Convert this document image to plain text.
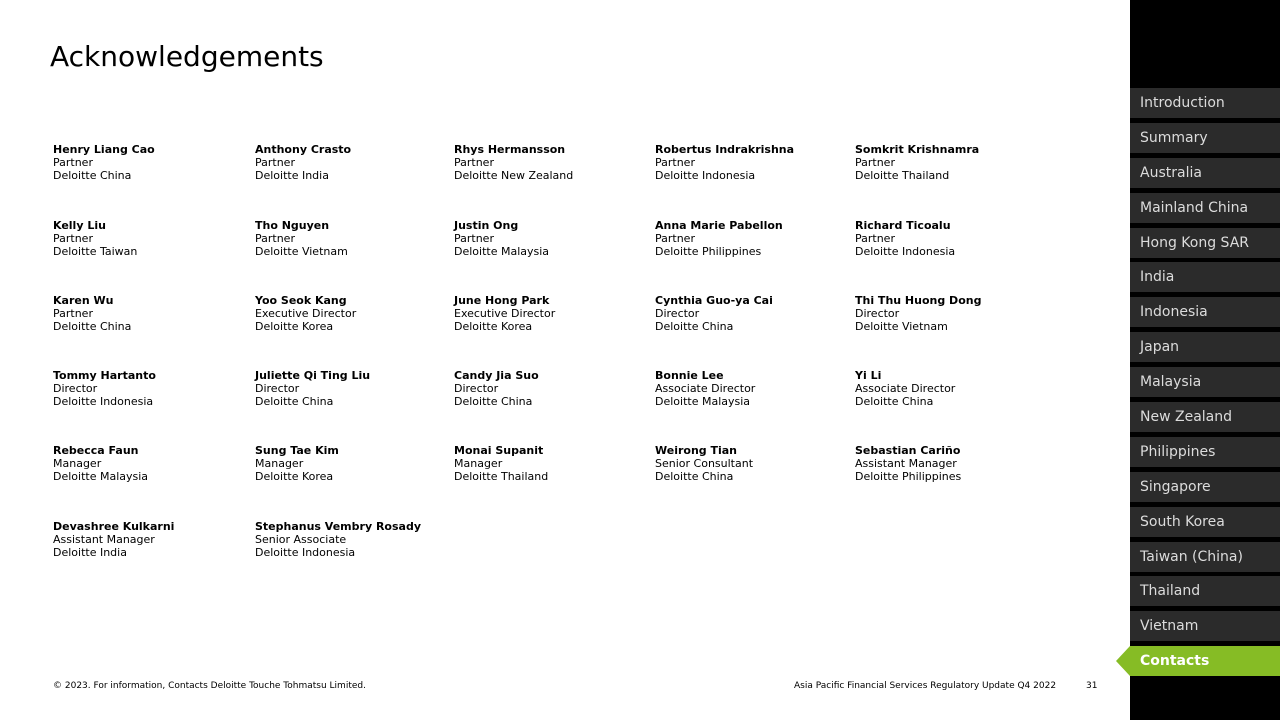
Acknowledgements
Henry Liang Cao
Partner
Deloitte China
Anthony Crasto
Partner
Deloitte India
Rhys Hermansson
Partner
Deloitte New Zealand
Robertus Indrakrishna
Partner
Deloitte Indonesia
Somkrit Krishnamra
Partner
Deloitte Thailand
Kelly Liu
Partner
Deloitte Taiwan
Tho Nguyen
Partner
Deloitte Vietnam
Justin Ong
Partner
Deloitte Malaysia
Anna Marie Pabellon
Partner
Deloitte Philippines
Richard Ticoalu
Partner
Deloitte Indonesia
Karen Wu
Partner
Deloitte China
Yoo Seok Kang
Executive Director
Deloitte Korea
June Hong Park
Executive Director
Deloitte Korea
Cynthia Guo-ya Cai
Director
Deloitte China
Thi Thu Huong Dong
Director
Deloitte Vietnam
Tommy Hartanto
Director
Deloitte Indonesia
Juliette Qi Ting Liu
Director
Deloitte China
Candy Jia Suo
Director
Deloitte China
Bonnie Lee
Associate Director
Deloitte Malaysia
Yi Li
Associate Director
Deloitte China
Rebecca Faun
Manager
Deloitte Malaysia
Sung Tae Kim
Manager
Deloitte Korea
Monai Supanit
Manager
Deloitte Thailand
Weirong Tian
Senior Consultant
Deloitte China
Sebastian Cariño
Assistant Manager
Deloitte Philippines
Devashree Kulkarni
Assistant Manager
Deloitte India
Stephanus Vembry Rosady
Senior Associate
Deloitte Indonesia
© 2023. For information, Contacts Deloitte Touche Tohmatsu Limited.	Asia Pacific Financial Services Regulatory Update Q4 2022	31
Introduction
Summary
Australia
Mainland China
Hong Kong SAR
India
Indonesia
Japan
Malaysia
New Zealand
Philippines
Singapore
South Korea
Taiwan (China)
Thailand
Vietnam
Contacts
